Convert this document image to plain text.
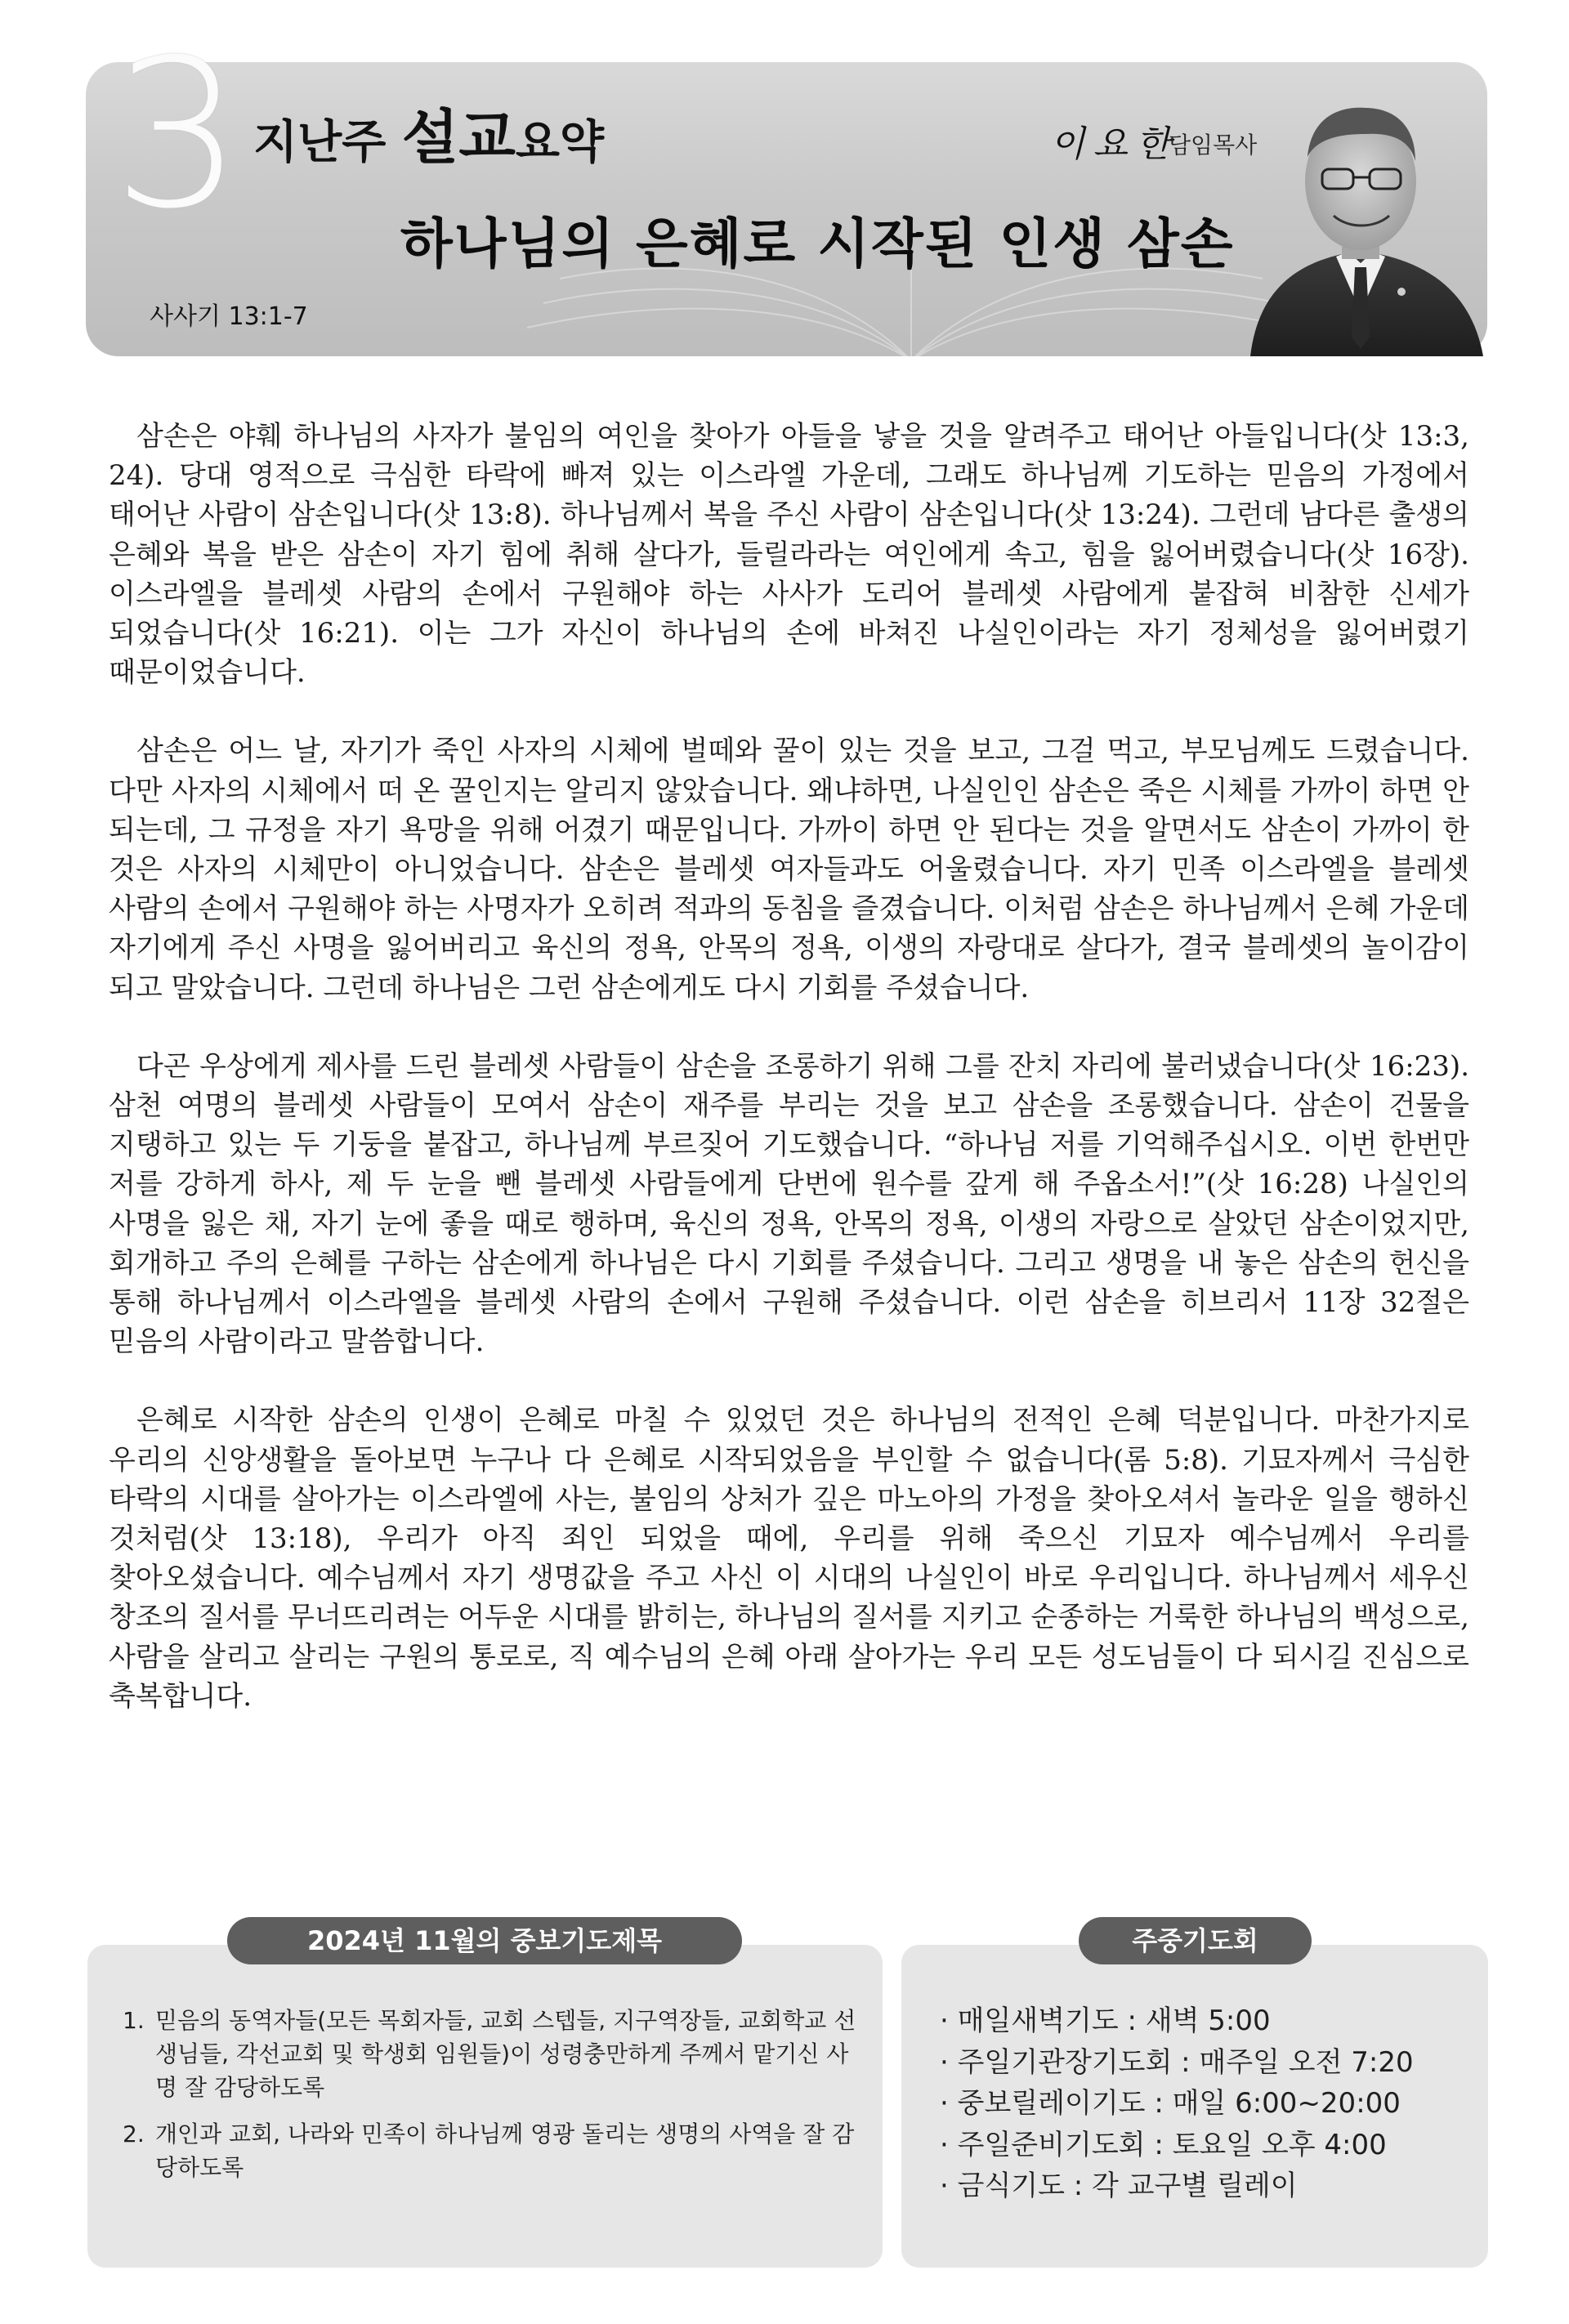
3 지난주 설교요약	이요한
담임목사
하나님의 은혜로 시작된 인생 삼손
사사기 13:1-7

삼손은 야훼 하나님의 사자가 불임의 여인을 찾아가 아들을 낳을 것을 알려주고 태어난 아들입니다(삿 13:3, 24). 당대 영적으로 극심한 타락에 빠져 있는 이스라엘 가운데, 그래도 하나님께 기도하는 믿음의 가정에서 태어난 사람이 삼손입니다(삿 13:8). 하나님께서 복을 주신 사람이 삼손입니다(삿 13:24). 그런데 남다른 출생의 은혜와 복을 받은 삼손이 자기 힘에 취해 살다가, 들릴라라는 여인에게 속고, 힘을 잃어버렸습니다(삿 16장). 이스라엘을 블레셋 사람의 손에서 구원해야 하는 사사가 도리어 블레셋 사람에게 붙잡혀 비참한 신세가 되었습니다(삿 16:21). 이는 그가 자신이 하나님의 손에 바쳐진 나실인이라는 자기 정체성을 잃어버렸기 때문이었습니다.

삼손은 어느 날, 자기가 죽인 사자의 시체에 벌떼와 꿀이 있는 것을 보고, 그걸 먹고, 부모님께도 드렸습니다. 다만 사자의 시체에서 떠 온 꿀인지는 알리지 않았습니다. 왜냐하면, 나실인인 삼손은 죽은 시체를 가까이 하면 안 되는데, 그 규정을 자기 욕망을 위해 어겼기 때문입니다. 가까이 하면 안 된다는 것을 알면서도 삼손이 가까이 한 것은 사자의 시체만이 아니었습니다. 삼손은 블레셋 여자들과도 어울렸습니다. 자기 민족 이스라엘을 블레셋 사람의 손에서 구원해야 하는 사명자가 오히려 적과의 동침을 즐겼습니다. 이처럼 삼손은 하나님께서 은혜 가운데 자기에게 주신 사명을 잃어버리고 육신의 정욕, 안목의 정욕, 이생의 자랑대로 살다가, 결국 블레셋의 놀이감이 되고 말았습니다. 그런데 하나님은 그런 삼손에게도 다시 기회를 주셨습니다.

다곤 우상에게 제사를 드린 블레셋 사람들이 삼손을 조롱하기 위해 그를 잔치 자리에 불러냈습니다(삿 16:23). 삼천 여명의 블레셋 사람들이 모여서 삼손이 재주를 부리는 것을 보고 삼손을 조롱했습니다. 삼손이 건물을 지탱하고 있는 두 기둥을 붙잡고, 하나님께 부르짖어 기도했습니다. “하나님 저를 기억해주십시오. 이번 한번만 저를 강하게 하사, 제 두 눈을 뺀 블레셋 사람들에게 단번에 원수를 갚게 해 주옵소서!”(삿 16:28) 나실인의 사명을 잃은 채, 자기 눈에 좋을 때로 행하며, 육신의 정욕, 안목의 정욕, 이생의 자랑으로 살았던 삼손이었지만, 회개하고 주의 은혜를 구하는 삼손에게 하나님은 다시 기회를 주셨습니다. 그리고 생명을 내 놓은 삼손의 헌신을 통해 하나님께서 이스라엘을 블레셋 사람의 손에서 구원해 주셨습니다. 이런 삼손을 히브리서 11장 32절은 믿음의 사람이라고 말씀합니다.

은혜로 시작한 삼손의 인생이 은혜로 마칠 수 있었던 것은 하나님의 전적인 은혜 덕분입니다. 마찬가지로 우리의 신앙생활을 돌아보면 누구나 다 은혜로 시작되었음을 부인할 수 없습니다(롬 5:8). 기묘자께서 극심한 타락의 시대를 살아가는 이스라엘에 사는, 불임의 상처가 깊은 마노아의 가정을 찾아오셔서 놀라운 일을 행하신 것처럼(삿 13:18), 우리가 아직 죄인 되었을 때에, 우리를 위해 죽으신 기묘자 예수님께서 우리를 찾아오셨습니다. 예수님께서 자기 생명값을 주고 사신 이 시대의 나실인이 바로 우리입니다. 하나님께서 세우신 창조의 질서를 무너뜨리려는 어두운 시대를 밝히는, 하나님의 질서를 지키고 순종하는 거룩한 하나님의 백성으로, 사람을 살리고 살리는 구원의 통로로, 직 예수님의 은혜 아래 살아가는 우리 모든 성도님들이 다 되시길 진심으로 축복합니다.

2024년 11월의 중보기도제목
1. 믿음의 동역자들(모든 목회자들, 교회 스텝들, 지구역장들, 교회학교 선생님들, 각선교회 및 학생회 임원들)이 성령충만하게 주께서 맡기신 사명 잘 감당하도록
2. 개인과 교회, 나라와 민족이 하나님께 영광 돌리는 생명의 사역을 잘 감당하도록
주중기도회
· 매일새벽기도 : 새벽 5:00
· 주일기관장기도회 : 매주일 오전 7:20
· 중보릴레이기도 : 매일 6:00~20:00
· 주일준비기도회 : 토요일 오후 4:00
· 금식기도 : 각 교구별 릴레이
